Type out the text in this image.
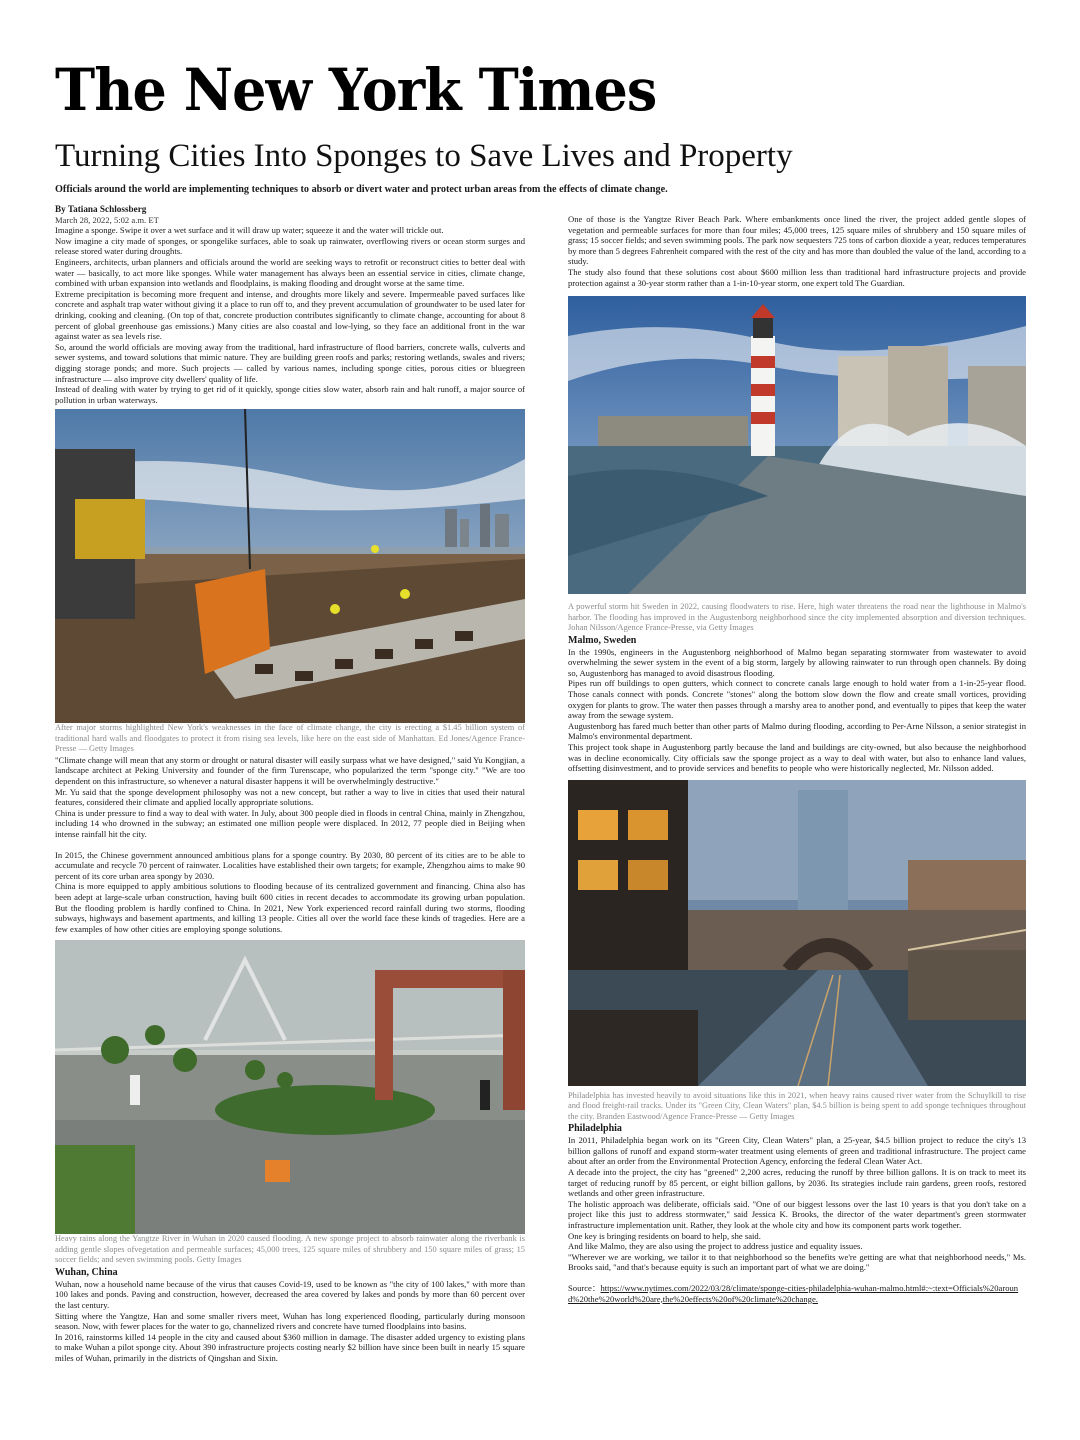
The New York Times
Turning Cities Into Sponges to Save Lives and Property
Officials around the world are implementing techniques to absorb or divert water and protect urban areas from the effects of climate change.

By Tatiana Schlossberg

March 28, 2022, 5:02 a.m. ET

Imagine a sponge. Swipe it over a wet surface and it will draw up water; squeeze it and the water will trickle out.

Now imagine a city made of sponges, or spongelike surfaces, able to soak up rainwater, overflowing rivers or ocean storm surges and release stored water during droughts.

Engineers, architects, urban planners and officials around the world are seeking ways to retrofit or reconstruct cities to better deal with water — basically, to act more like sponges. While water management has always been an essential service in cities, climate change, combined with urban expansion into wetlands and floodplains, is making flooding and drought worse at the same time.

Extreme precipitation is becoming more frequent and intense, and droughts more likely and severe. Impermeable paved surfaces like concrete and asphalt trap water without giving it a place to run off to, and they prevent accumulation of groundwater to be used later for drinking, cooking and cleaning. (On top of that, concrete production contributes significantly to climate change, accounting for about 8 percent of global greenhouse gas emissions.) Many cities are also coastal and low-lying, so they face an additional front in the war against water as sea levels rise.

So, around the world officials are moving away from the traditional, hard infrastructure of flood barriers, concrete walls, culverts and sewer systems, and toward solutions that mimic nature. They are building green roofs and parks; restoring wetlands, swales and rivers; digging storage ponds; and more. Such projects — called by various names, including sponge cities, porous cities or bluegreen infrastructure — also improve city dwellers' quality of life.

Instead of dealing with water by trying to get rid of it quickly, sponge cities slow water, absorb rain and halt runoff, a major source of pollution in urban waterways.

After major storms highlighted New York's weaknesses in the face of climate change, the city is erecting a $1.45 billion system of traditional hard walls and floodgates to protect it from rising sea levels, like here on the east side of Manhattan. Ed Jones/Agence France-Presse — Getty Images

"Climate change will mean that any storm or drought or natural disaster will easily surpass what we have designed," said Yu Kongjian, a landscape architect at Peking University and founder of the firm Turenscape, who popularized the term "sponge city." "We are too dependent on this infrastructure, so whenever a natural disaster happens it will be overwhelmingly destructive."

Mr. Yu said that the sponge development philosophy was not a new concept, but rather a way to live in cities that used their natural features, considered their climate and applied locally appropriate solutions.

China is under pressure to find a way to deal with water. In July, about 300 people died in floods in central China, mainly in Zhengzhou, including 14 who drowned in the subway; an estimated one million people were displaced. In 2012, 77 people died in Beijing when intense rainfall hit the city.

In 2015, the Chinese government announced ambitious plans for a sponge country. By 2030, 80 percent of its cities are to be able to accumulate and recycle 70 percent of rainwater. Localities have established their own targets; for example, Zhengzhou aims to make 90 percent of its core urban area spongy by 2030.

China is more equipped to apply ambitious solutions to flooding because of its centralized government and financing. China also has been adept at large-scale urban construction, having built 600 cities in recent decades to accommodate its growing urban population. But the flooding problem is hardly confined to China. In 2021, New York experienced record rainfall during two storms, flooding subways, highways and basement apartments, and killing 13 people. Cities all over the world face these kinds of tragedies. Here are a few examples of how other cities are employing sponge solutions.

Heavy rains along the Yangtze River in Wuhan in 2020 caused flooding. A new sponge project to absorb rainwater along the riverbank is adding gentle slopes ofvegetation and permeable surfaces; 45,000 trees, 125 square miles of shrubbery and 150 square miles of grass; 15 soccer fields; and seven swimming pools. Getty Images

Wuhan, China

Wuhan, now a household name because of the virus that causes Covid-19, used to be known as "the city of 100 lakes," with more than 100 lakes and ponds. Paving and construction, however, decreased the area covered by lakes and ponds by more than 60 percent over the last century.

Sitting where the Yangtze, Han and some smaller rivers meet, Wuhan has long experienced flooding, particularly during monsoon season. Now, with fewer places for the water to go, channelized rivers and concrete have turned floodplains into basins.

In 2016, rainstorms killed 14 people in the city and caused about $360 million in damage. The disaster added urgency to existing plans to make Wuhan a pilot sponge city. About 390 infrastructure projects costing nearly $2 billion have since been built in nearly 15 square miles of Wuhan, primarily in the districts of Qingshan and Sixin.

One of those is the Yangtze River Beach Park. Where embankments once lined the river, the project added gentle slopes of vegetation and permeable surfaces for more than four miles; 45,000 trees, 125 square miles of shrubbery and 150 square miles of grass; 15 soccer fields; and seven swimming pools. The park now sequesters 725 tons of carbon dioxide a year, reduces temperatures by more than 5 degrees Fahrenheit compared with the rest of the city and has more than doubled the value of the land, according to a study.

The study also found that these solutions cost about $600 million less than traditional hard infrastructure projects and provide protection against a 30-year storm rather than a 1-in-10-year storm, one expert told The Guardian.

A powerful storm hit Sweden in 2022, causing floodwaters to rise. Here, high water threatens the road near the lighthouse in Malmo's harbor. The flooding has improved in the Augustenborg neighborhood since the city implemented absorption and diversion techniques. Johan Nilsson/Agence France-Presse, via Getty Images

Malmo, Sweden

In the 1990s, engineers in the Augustenborg neighborhood of Malmo began separating stormwater from wastewater to avoid overwhelming the sewer system in the event of a big storm, largely by allowing rainwater to run through open channels. By doing so, Augustenborg has managed to avoid disastrous flooding.

Pipes run off buildings to open gutters, which connect to concrete canals large enough to hold water from a 1-in-25-year flood. Those canals connect with ponds. Concrete "stones" along the bottom slow down the flow and create small vortices, providing oxygen for plants to grow. The water then passes through a marshy area to another pond, and eventually to pipes that keep the water away from the sewage system.

Augustenborg has fared much better than other parts of Malmo during flooding, according to Per-Arne Nilsson, a senior strategist in Malmo's environmental department.

This project took shape in Augustenborg partly because the land and buildings are city-owned, but also because the neighborhood was in decline economically. City officials saw the sponge project as a way to deal with water, but also to enhance land values, offsetting disinvestment, and to provide services and benefits to people who were historically neglected, Mr. Nilsson added.

Philadelphia has invested heavily to avoid situations like this in 2021, when heavy rains caused river water from the Schuylkill to rise and flood freight-rail tracks. Under its "Green City, Clean Waters" plan, $4.5 billion is being spent to add sponge techniques throughout the city. Branden Eastwood/Agence France-Presse — Getty Images

Philadelphia

In 2011, Philadelphia began work on its "Green City, Clean Waters" plan, a 25-year, $4.5 billion project to reduce the city's 13 billion gallons of runoff and expand storm-water treatment using elements of green and traditional infrastructure. The project came about after an order from the Environmental Protection Agency, enforcing the federal Clean Water Act.

A decade into the project, the city has "greened" 2,200 acres, reducing the runoff by three billion gallons. It is on track to meet its target of reducing runoff by 85 percent, or eight billion gallons, by 2036. Its strategies include rain gardens, green roofs, restored wetlands and other green infrastructure.

The holistic approach was deliberate, officials said. "One of our biggest lessons over the last 10 years is that you don't take on a project like this just to address stormwater," said Jessica K. Brooks, the director of the water department's green stormwater infrastructure implementation unit. Rather, they look at the whole city and how its component parts work together.

One key is bringing residents on board to help, she said.

And like Malmo, they are also using the project to address justice and equality issues.

"Wherever we are working, we tailor it to that neighborhood so the benefits we're getting are what that neighborhood needs," Ms. Brooks said, "and that's because equity is such an important part of what we are doing."

Source：https://www.nytimes.com/2022/03/28/climate/sponge-cities-philadelphia-wuhan-malmo.html#:~:text=Officials%20around%20the%20world%20are,the%20effects%20of%20climate%20change.
